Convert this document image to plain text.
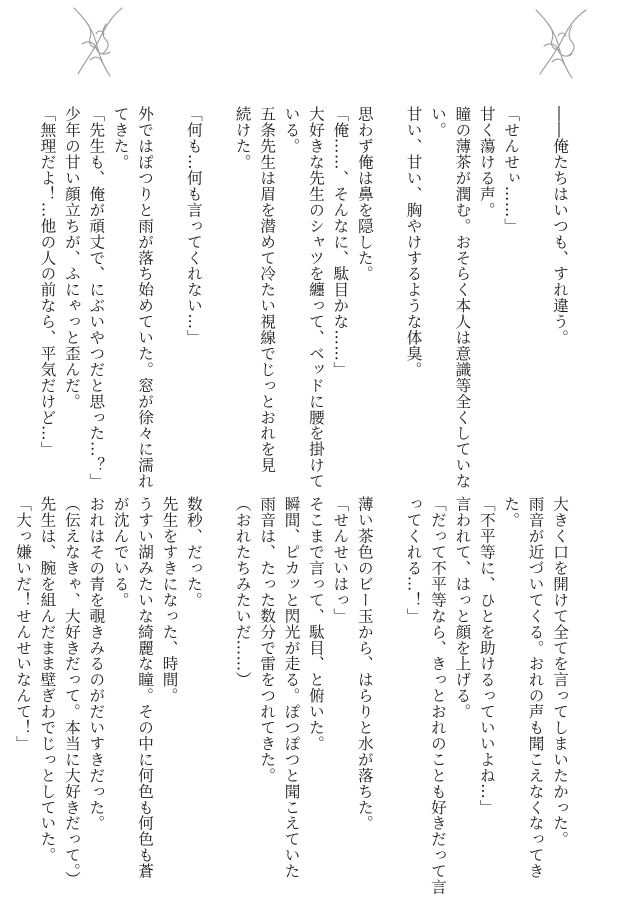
――俺たちはいつも、すれ違う。

「せんせぃ……」

甘く蕩ける声。

瞳の薄茶が潤む。おそらく本人は意識等全くしていな

い。

甘い、甘い、胸やけするような体臭。

思わず俺は鼻を隠した。

「俺……、そんなに、駄目かな……」

大好きな先生のシャツを纏って、ベッドに腰を掛けて

いる。

五条先生は眉を潜めて冷たい視線でじっとおれを見

続けた。

「何も…何も言ってくれない…」

外ではぽつりと雨が落ち始めていた。窓が徐々に濡れ

てきた。

「先生も、俺が頑丈で、にぶいやつだと思った…？」

少年の甘い顔立ちが、ふにゃっと歪んだ。

「無理だよ！…他の人の前なら、平気だけど…」

大きく口を開けて全てを言ってしまいたかった。

雨音が近づいてくる。おれの声も聞こえなくなってき

た。

「不平等に、ひとを助けるっていいよね…」

言われて、はっと顔を上げる。

「だって不平等なら、きっとおれのことも好きだって言

ってくれる…！」

薄い茶色のビー玉から、はらりと水が落ちた。

「せんせいはっ」

そこまで言って、駄目、と俯いた。

瞬間、ピカッと閃光が走る。ぽつぽつと聞こえていた

雨音は、たった数分で雷をつれてきた。

（おれたちみたいだ……）

数秒、だった。

先生をすきになった、時間。

うすい湖みたいな綺麗な瞳。その中に何色も何色も蒼

が沈んでいる。

おれはその青を覗きみるのがだいすきだった。

（伝えなきゃ、大好きだって。本当に大好きだって。）

先生は、腕を組んだまま壁ぎわでじっとしていた。

「大っ嫌いだ！せんせいなんて！」
